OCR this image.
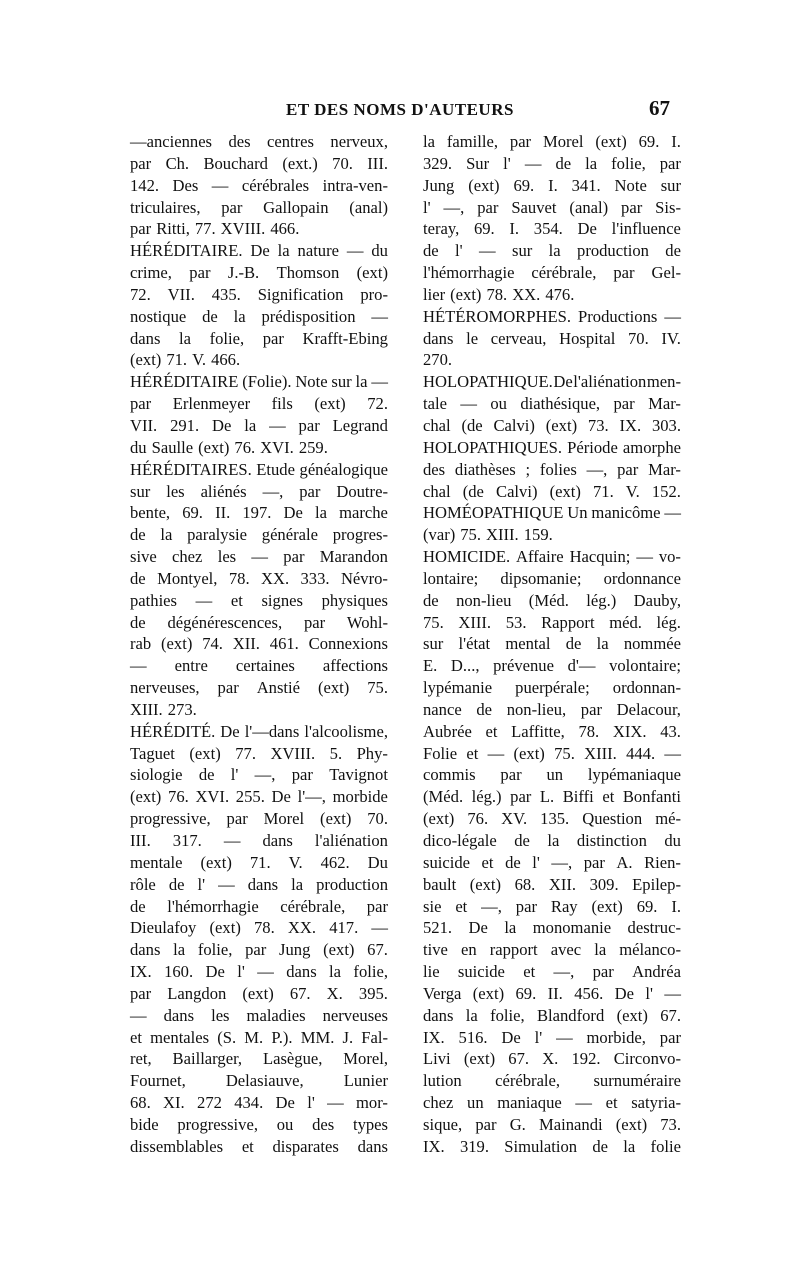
ET DES NOMS D'AUTEURS	67
—anciennes des centres nerveux,
par Ch. Bouchard (ext.) 70. III.
142. Des — cérébrales intra-ven-
triculaires, par Gallopain (anal)
par Ritti, 77. XVIII. 466.
HÉRÉDITAIRE. De la nature — du
crime, par J.-B. Thomson (ext)
72. VII. 435. Signification pro-
nostique de la prédisposition —
dans la folie, par Krafft-Ebing
(ext) 71. V. 466.
HÉRÉDITAIRE (Folie). Note sur la —
par Erlenmeyer fils (ext) 72.
VII. 291. De la — par Legrand
du Saulle (ext) 76. XVI. 259.
HÉRÉDITAIRES. Etude généalogique
sur les aliénés —, par Doutre-
bente, 69. II. 197. De la marche
de la paralysie générale progres-
sive chez les — par Marandon
de Montyel, 78. XX. 333. Névro-
pathies — et signes physiques
de dégénérescences, par Wohl-
rab (ext) 74. XII. 461. Connexions
— entre certaines affections
nerveuses, par Anstié (ext) 75.
XIII. 273.
HÉRÉDITÉ. De l'—dans l'alcoolisme,
Taguet (ext) 77. XVIII. 5. Phy-
siologie de l' —, par Tavignot
(ext) 76. XVI. 255. De l'—, morbide
progressive, par Morel (ext) 70.
III. 317. — dans l'aliénation
mentale (ext) 71. V. 462. Du
rôle de l' — dans la production
de l'hémorrhagie cérébrale, par
Dieulafoy (ext) 78. XX. 417. —
dans la folie, par Jung (ext) 67.
IX. 160. De l' — dans la folie,
par Langdon (ext) 67. X. 395.
— dans les maladies nerveuses
et mentales (S. M. P.). MM. J. Fal-
ret, Baillarger, Lasègue, Morel,
Fournet, Delasiauve, Lunier
68. XI. 272 434. De l' — mor-
bide progressive, ou des types
dissemblables et disparates dans
la famille, par Morel (ext) 69. I.
329. Sur l' — de la folie, par
Jung (ext) 69. I. 341. Note sur
l' —, par Sauvet (anal) par Sis-
teray, 69. I. 354. De l'influence
de l' — sur la production de
l'hémorrhagie cérébrale, par Gel-
lier (ext) 78. XX. 476.
HÉTÉROMORPHES. Productions —
dans le cerveau, Hospital 70. IV.
270.
HOLOPATHIQUE. De l'aliénation men-
tale — ou diathésique, par Mar-
chal (de Calvi) (ext) 73. IX. 303.
HOLOPATHIQUES. Période amorphe
des diathèses ; folies —, par Mar-
chal (de Calvi) (ext) 71. V. 152.
HOMÉOPATHIQUE Un manicôme —
(var) 75. XIII. 159.
HOMICIDE. Affaire Hacquin; — vo-
lontaire; dipsomanie; ordonnance
de non-lieu (Méd. lég.) Dauby,
75. XIII. 53. Rapport méd. lég.
sur l'état mental de la nommée
E. D..., prévenue d'— volontaire;
lypémanie puerpérale; ordonnan-
nance de non-lieu, par Delacour,
Aubrée et Laffitte, 78. XIX. 43.
Folie et — (ext) 75. XIII. 444. —
commis par un lypémaniaque
(Méd. lég.) par L. Biffi et Bonfanti
(ext) 76. XV. 135. Question mé-
dico-légale de la distinction du
suicide et de l' —, par A. Rien-
bault (ext) 68. XII. 309. Epilep-
sie et —, par Ray (ext) 69. I.
521. De la monomanie destruc-
tive en rapport avec la mélanco-
lie suicide et —, par Andréa
Verga (ext) 69. II. 456. De l' —
dans la folie, Blandford (ext) 67.
IX. 516. De l' — morbide, par
Livi (ext) 67. X. 192. Circonvo-
lution cérébrale, surnuméraire
chez un maniaque — et satyria-
sique, par G. Mainandi (ext) 73.
IX. 319. Simulation de la folie
